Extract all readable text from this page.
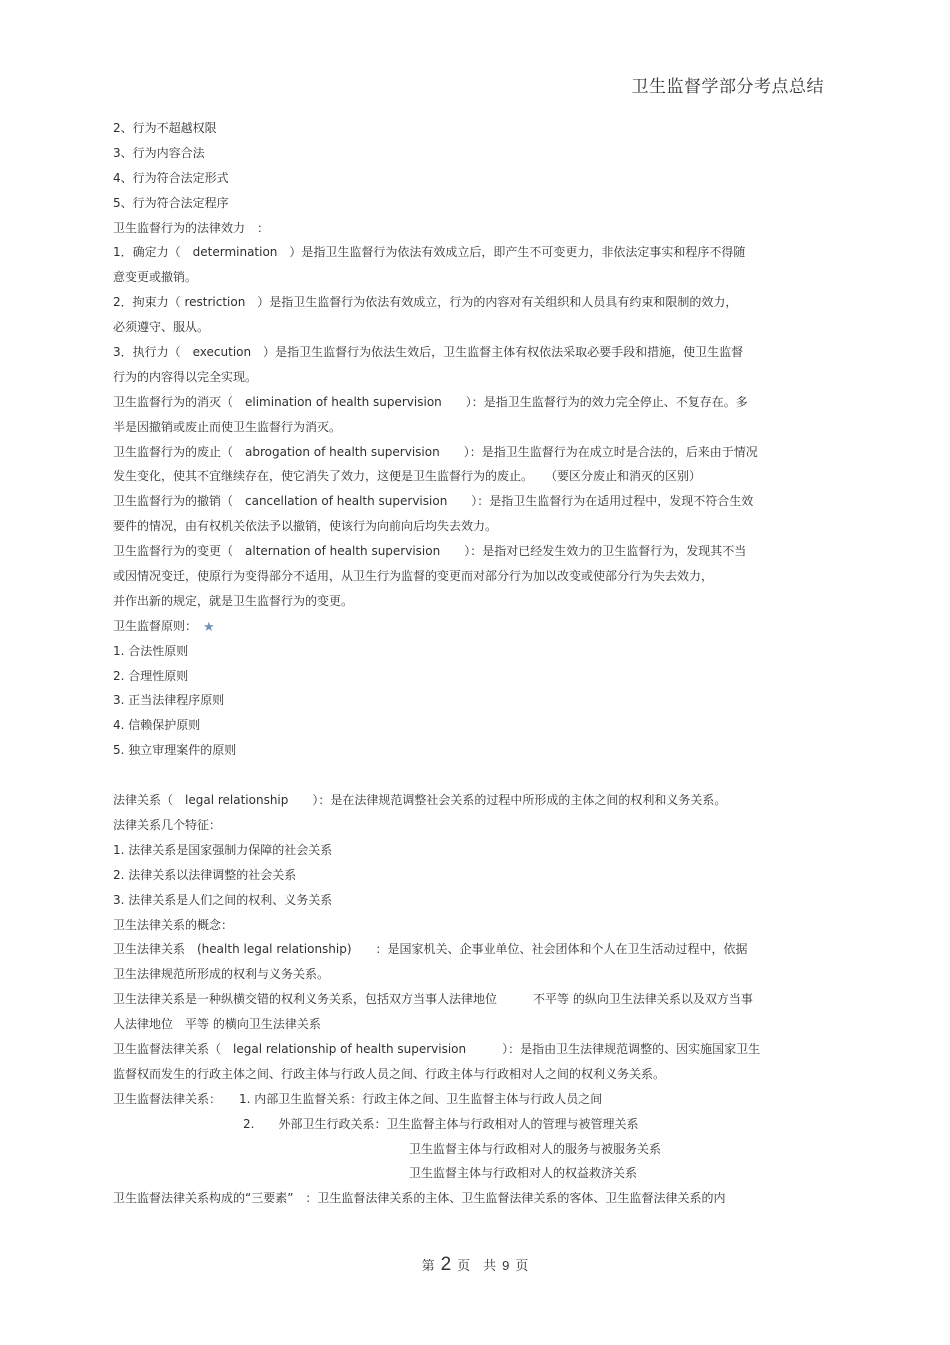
卫生监督学部分考点总结
2、行为不超越权限
3、行为内容合法
4、行为符合法定形式
5、行为符合法定程序
卫生监督行为的法律效力　：
1．确定力（　determination　）是指卫生监督行为依法有效成立后，即产生不可变更力，非依法定事实和程序不得随
意变更或撤销。
2．拘束力（ restriction　）是指卫生监督行为依法有效成立，行为的内容对有关组织和人员具有约束和限制的效力，
必须遵守、服从。
3．执行力（　execution　）是指卫生监督行为依法生效后，卫生监督主体有权依法采取必要手段和措施，使卫生监督
行为的内容得以完全实现。
卫生监督行为的消灭（　elimination of health supervision　　）：是指卫生监督行为的效力完全停止、不复存在。多
半是因撤销或废止而使卫生监督行为消灭。
卫生监督行为的废止（　abrogation of health supervision　　）：是指卫生监督行为在成立时是合法的，后来由于情况
发生变化，使其不宜继续存在，使它消失了效力，这便是卫生监督行为的废止。　　（要区分废止和消灭的区别）
卫生监督行为的撤销（　cancellation of health supervision　　）：是指卫生监督行为在适用过程中，发现不符合生效
要件的情况，由有权机关依法予以撤销，使该行为向前向后均失去效力。
卫生监督行为的变更（　alternation of health supervision　　）：是指对已经发生效力的卫生监督行为，发现其不当
或因情况变迁，使原行为变得部分不适用，从卫生行为监督的变更而对部分行为加以改变或使部分行为失去效力，
并作出新的规定，就是卫生监督行为的变更。
卫生监督原则： ★
1. 合法性原则
2. 合理性原则
3. 正当法律程序原则
4. 信赖保护原则
5. 独立审理案件的原则
法律关系（　legal relationship　　）：是在法律规范调整社会关系的过程中所形成的主体之间的权利和义务关系。
法律关系几个特征：
1. 法律关系是国家强制力保障的社会关系
2. 法律关系以法律调整的社会关系
3. 法律关系是人们之间的权利、义务关系
卫生法律关系的概念：
卫生法律关系　(health legal relationship)　　：是国家机关、企事业单位、社会团体和个人在卫生活动过程中，依据
卫生法律规范所形成的权利与义务关系。
卫生法律关系是一种纵横交错的权利义务关系，包括双方当事人法律地位　　　不平等 的纵向卫生法律关系以及双方当事
人法律地位　平等 的横向卫生法律关系
卫生监督法律关系（　legal relationship of health supervision　　　）：是指由卫生法律规范调整的、因实施国家卫生
监督权而发生的行政主体之间、行政主体与行政人员之间、行政主体与行政相对人之间的权利义务关系。
卫生监督法律关系：　　1. 内部卫生监督关系：行政主体之间、卫生监督主体与行政人员之间
2.　　外部卫生行政关系：卫生监督主体与行政相对人的管理与被管理关系
卫生监督主体与行政相对人的服务与被服务关系
卫生监督主体与行政相对人的权益救济关系
卫生监督法律关系构成的“三要素”　：卫生监督法律关系的主体、卫生监督法律关系的客体、卫生监督法律关系的内
第 2 页　共 9 页
